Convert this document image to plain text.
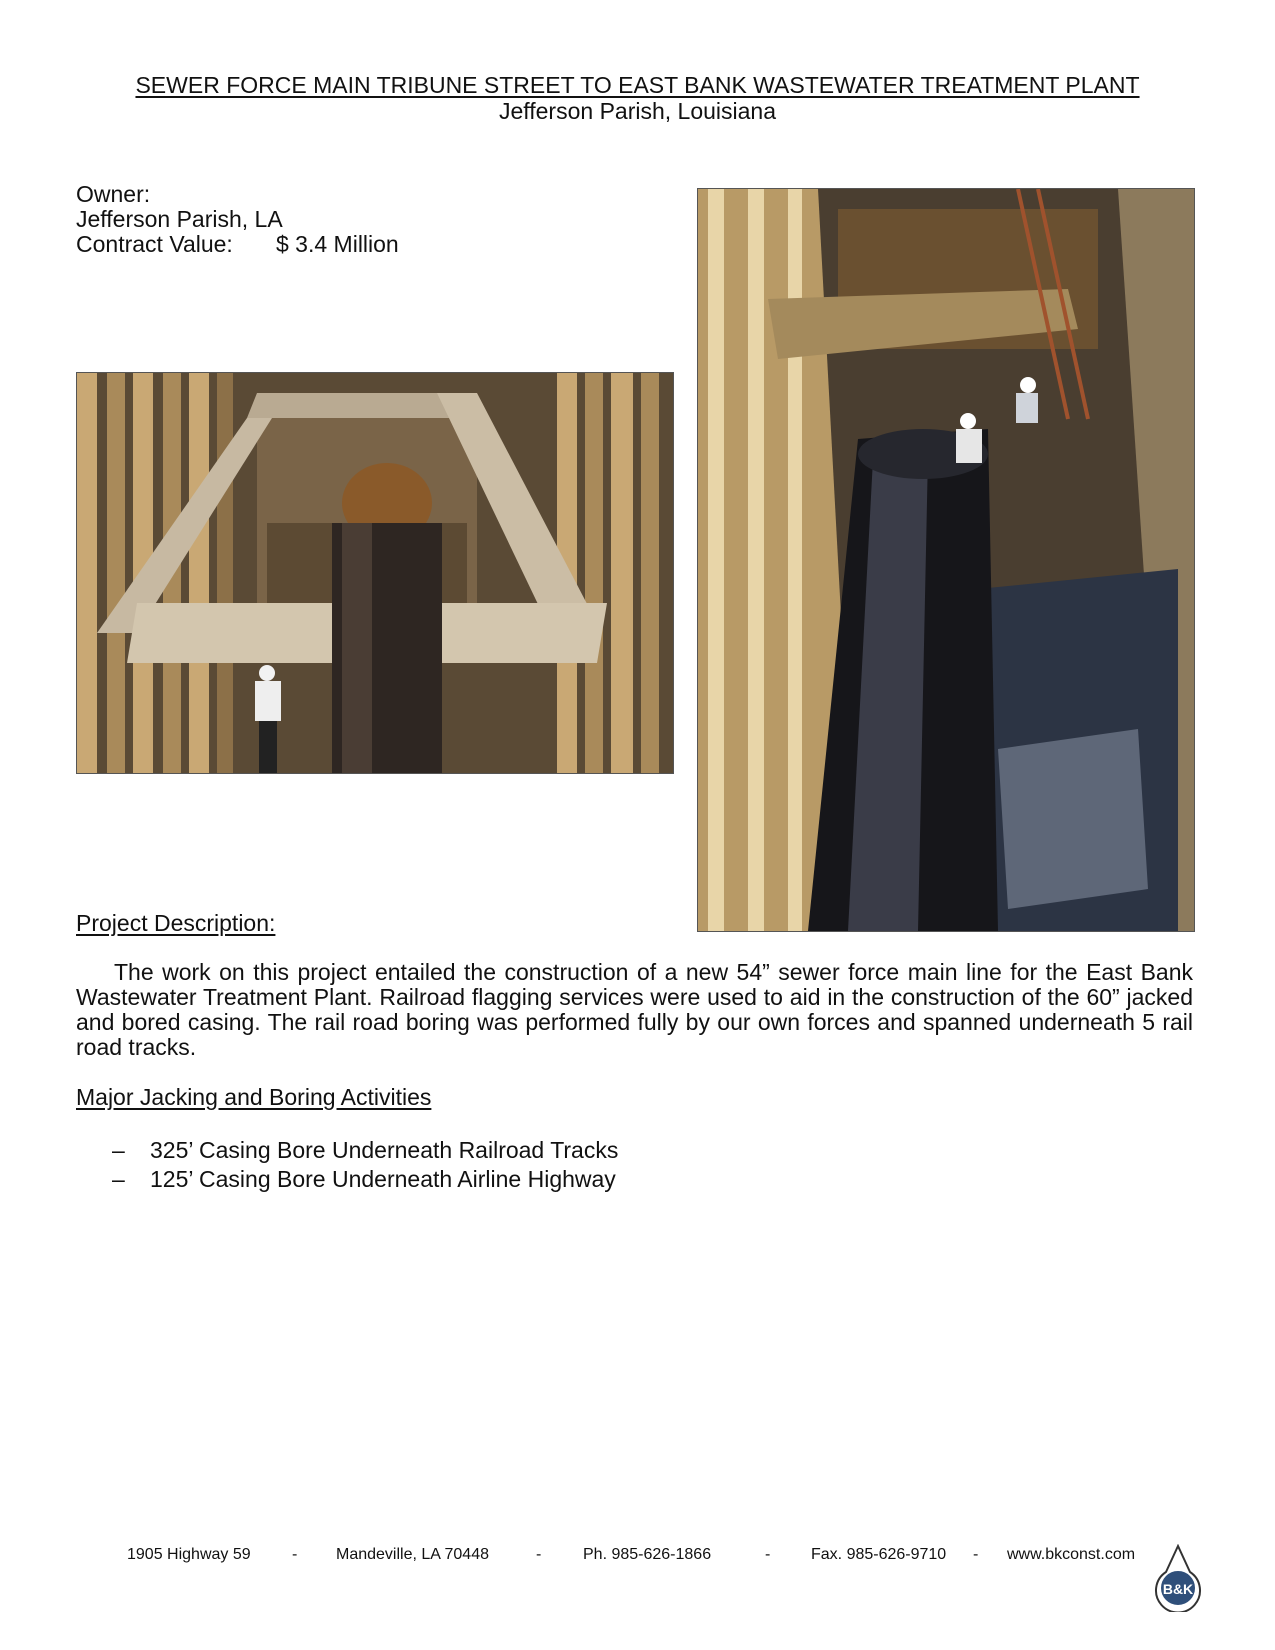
SEWER FORCE MAIN TRIBUNE STREET TO EAST BANK WASTEWATER TREATMENT PLANT
Jefferson Parish, Louisiana
Owner:
Jefferson Parish, LA
Contract Value: $ 3.4 Million
Project Description:
The work on this project entailed the construction of a new 54” sewer force main line for the East Bank Wastewater Treatment Plant. Railroad flagging services were used to aid in the construction of the 60” jacked and bored casing. The rail road boring was performed fully by our own forces and spanned underneath 5 rail road tracks.
Major Jacking and Boring Activities
–	325’ Casing Bore Underneath Railroad Tracks
–	125’ Casing Bore Underneath Airline Highway
1905 Highway 59	- Mandeville, LA 70448	-	Ph. 985-626-1866	-	Fax. 985-626-9710 - www.bkconst.com
B&K
